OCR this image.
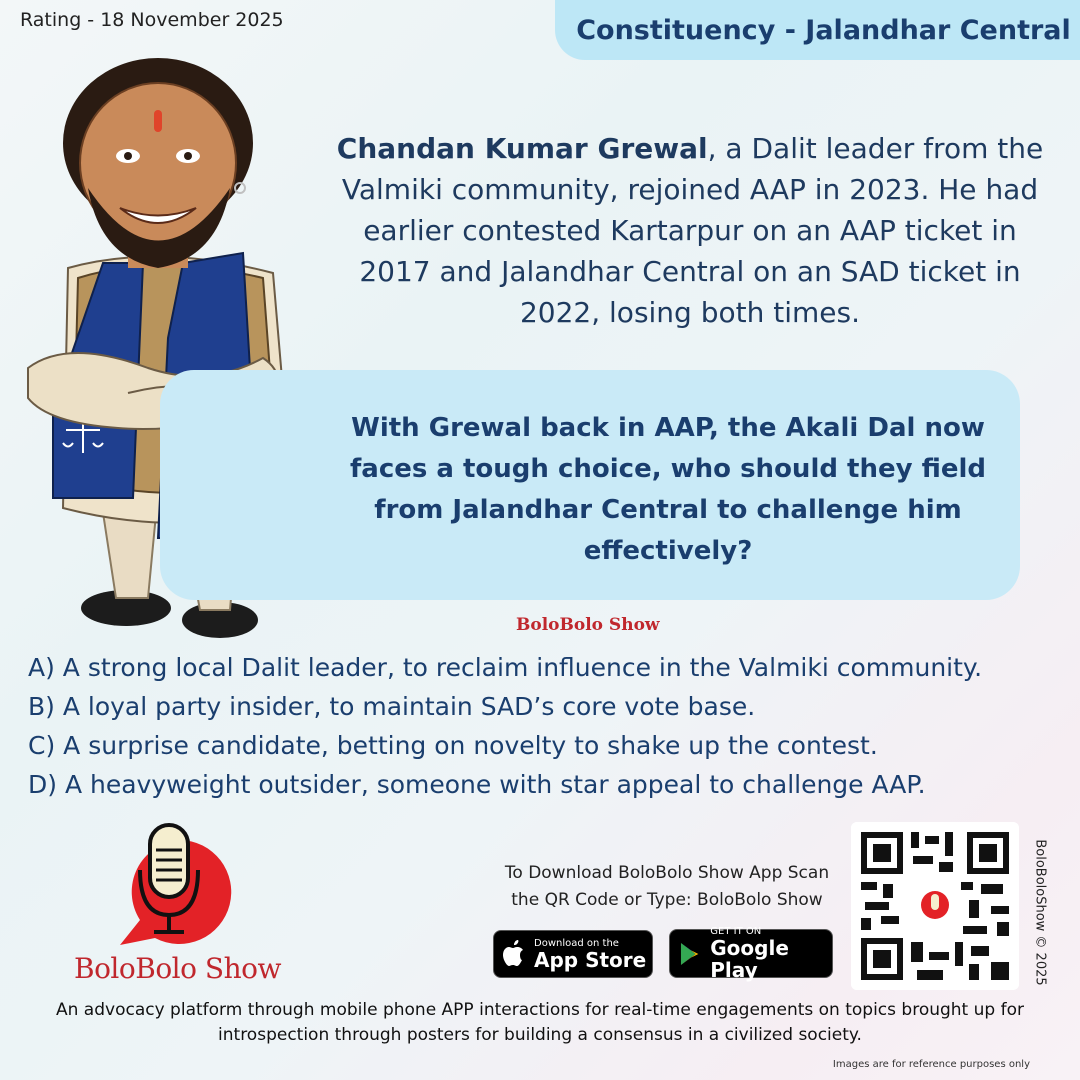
Rating - 18 November 2025	Constituency - Jalandhar Central
Chandan Kumar Grewal, a Dalit leader from the Valmiki community, rejoined AAP in 2023. He had earlier contested Kartarpur on an AAP ticket in 2017 and Jalandhar Central on an SAD ticket in 2022, losing both times.
With Grewal back in AAP, the Akali Dal now faces a tough choice, who should they field from Jalandhar Central to challenge him effectively?
BoloBolo Show
A) A strong local Dalit leader, to reclaim influence in the Valmiki community.
B) A loyal party insider, to maintain SAD’s core vote base.
C) A surprise candidate, betting on novelty to shake up the contest.
D) A heavyweight outsider, someone with star appeal to challenge AAP.
BoloBolo Show
To Download BoloBolo Show App Scan
the QR Code or Type: BoloBolo Show
Download on the
App Store
GET IT ON
Google Play	BoloBoloShow © 2025
An advocacy platform through mobile phone APP interactions for real-time engagements on topics brought up for introspection through posters for building a consensus in a civilized society.
Images are for reference purposes only
